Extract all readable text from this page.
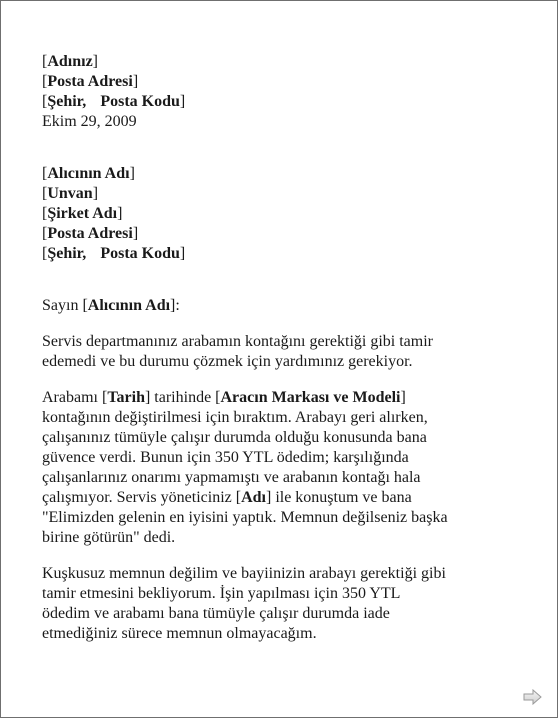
[Adınız]
[Posta Adresi]
[Şehir, Posta Kodu]
Ekim 29, 2009
[Alıcının Adı]
[Unvan]
[Şirket Adı]
[Posta Adresi]
[Şehir, Posta Kodu]
Sayın [Alıcının Adı]:
Servis departmanınız arabamın kontağını gerektiği gibi tamir
edemedi ve bu durumu çözmek için yardımınız gerekiyor.
Arabamı [Tarih] tarihinde [Aracın Markası ve Modeli]
kontağının değiştirilmesi için bıraktım. Arabayı geri alırken,
çalışanınız tümüyle çalışır durumda olduğu konusunda bana
güvence verdi. Bunun için 350 YTL ödedim; karşılığında
çalışanlarınız onarımı yapmamıştı ve arabanın kontağı hala
çalışmıyor. Servis yöneticiniz [Adı] ile konuştum ve bana
"Elimizden gelenin en iyisini yaptık. Memnun değilseniz başka
birine götürün" dedi.
Kuşkusuz memnun değilim ve bayiinizin arabayı gerektiği gibi
tamir etmesini bekliyorum. İşin yapılması için 350 YTL
ödedim ve arabamı bana tümüyle çalışır durumda iade
etmediğiniz sürece memnun olmayacağım.
